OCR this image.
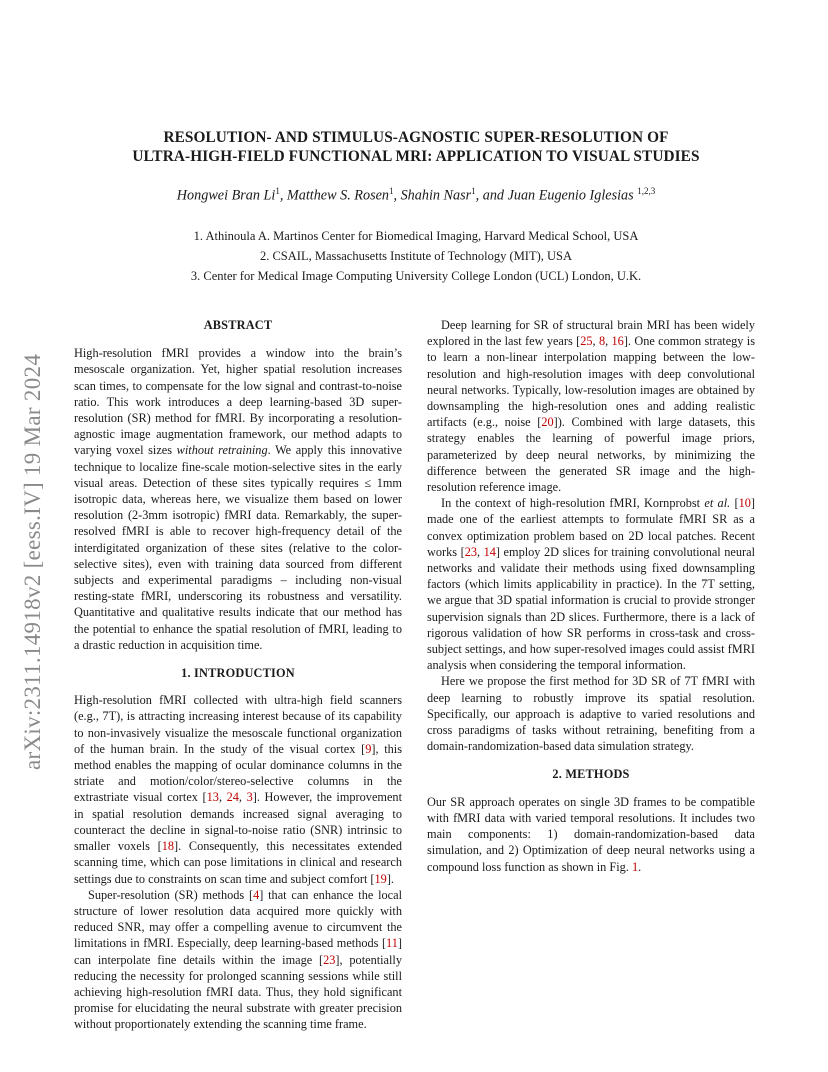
arXiv:2311.14918v2 [eess.IV] 19 Mar 2024
RESOLUTION- AND STIMULUS-AGNOSTIC SUPER-RESOLUTION OF
ULTRA-HIGH-FIELD FUNCTIONAL MRI: APPLICATION TO VISUAL STUDIES
Hongwei Bran Li$^1$, Matthew S. Rosen$^1$, Shahin Nasr$^1$, and Juan Eugenio Iglesias $^{1,2,3}$
1. Athinoula A. Martinos Center for Biomedical Imaging, Harvard Medical School, USA
2. CSAIL, Massachusetts Institute of Technology (MIT), USA
3. Center for Medical Image Computing University College London (UCL) London, U.K.
ABSTRACT

High-resolution fMRI provides a window into the brain’s mesoscale organization. Yet, higher spatial resolution increases scan times, to compensate for the low signal and contrast-to-noise ratio. This work introduces a deep learning-based 3D super-resolution (SR) method for fMRI. By incorporating a resolution-agnostic image augmentation framework, our method adapts to varying voxel sizes without retraining. We apply this innovative technique to localize fine-scale motion-selective sites in the early visual areas. Detection of these sites typically requires ≤ 1mm isotropic data, whereas here, we visualize them based on lower resolution (2-3mm isotropic) fMRI data. Remarkably, the super-resolved fMRI is able to recover high-frequency detail of the interdigitated organization of these sites (relative to the color-selective sites), even with training data sourced from different subjects and experimental paradigms – including non-visual resting-state fMRI, underscoring its robustness and versatility. Quantitative and qualitative results indicate that our method has the potential to enhance the spatial resolution of fMRI, leading to a drastic reduction in acquisition time.

1. INTRODUCTION

High-resolution fMRI collected with ultra-high field scanners (e.g., 7T), is attracting increasing interest because of its capability to non-invasively visualize the mesoscale functional organization of the human brain. In the study of the visual cortex [9], this method enables the mapping of ocular dominance columns in the striate and motion/color/stereo-selective columns in the extrastriate visual cortex [13, 24, 3]. However, the improvement in spatial resolution demands increased signal averaging to counteract the decline in signal-to-noise ratio (SNR) intrinsic to smaller voxels [18]. Consequently, this necessitates extended scanning time, which can pose limitations in clinical and research settings due to constraints on scan time and subject comfort [19].

Super-resolution (SR) methods [4] that can enhance the local structure of lower resolution data acquired more quickly with reduced SNR, may offer a compelling avenue to circumvent the limitations in fMRI. Especially, deep learning-based methods [11] can interpolate fine details within the image [23], potentially reducing the necessity for prolonged scanning sessions while still achieving high-resolution fMRI data. Thus, they hold significant promise for elucidating the neural substrate with greater precision without proportionately extending the scanning time frame.

Deep learning for SR of structural brain MRI has been widely explored in the last few years [25, 8, 16]. One common strategy is to learn a non-linear interpolation mapping between the low-resolution and high-resolution images with deep convolutional neural networks. Typically, low-resolution images are obtained by downsampling the high-resolution ones and adding realistic artifacts (e.g., noise [20]). Combined with large datasets, this strategy enables the learning of powerful image priors, parameterized by deep neural networks, by minimizing the difference between the generated SR image and the high-resolution reference image.

In the context of high-resolution fMRI, Kornprobst et al. [10] made one of the earliest attempts to formulate fMRI SR as a convex optimization problem based on 2D local patches. Recent works [23, 14] employ 2D slices for training convolutional neural networks and validate their methods using fixed downsampling factors (which limits applicability in practice). In the 7T setting, we argue that 3D spatial information is crucial to provide stronger supervision signals than 2D slices. Furthermore, there is a lack of rigorous validation of how SR performs in cross-task and cross-subject settings, and how super-resolved images could assist fMRI analysis when considering the temporal information.

Here we propose the first method for 3D SR of 7T fMRI with deep learning to robustly improve its spatial resolution. Specifically, our approach is adaptive to varied resolutions and cross paradigms of tasks without retraining, benefiting from a domain-randomization-based data simulation strategy.

2. METHODS

Our SR approach operates on single 3D frames to be compatible with fMRI data with varied temporal resolutions. It includes two main components: 1) domain-randomization-based data simulation, and 2) Optimization of deep neural networks using a compound loss function as shown in Fig. 1.
